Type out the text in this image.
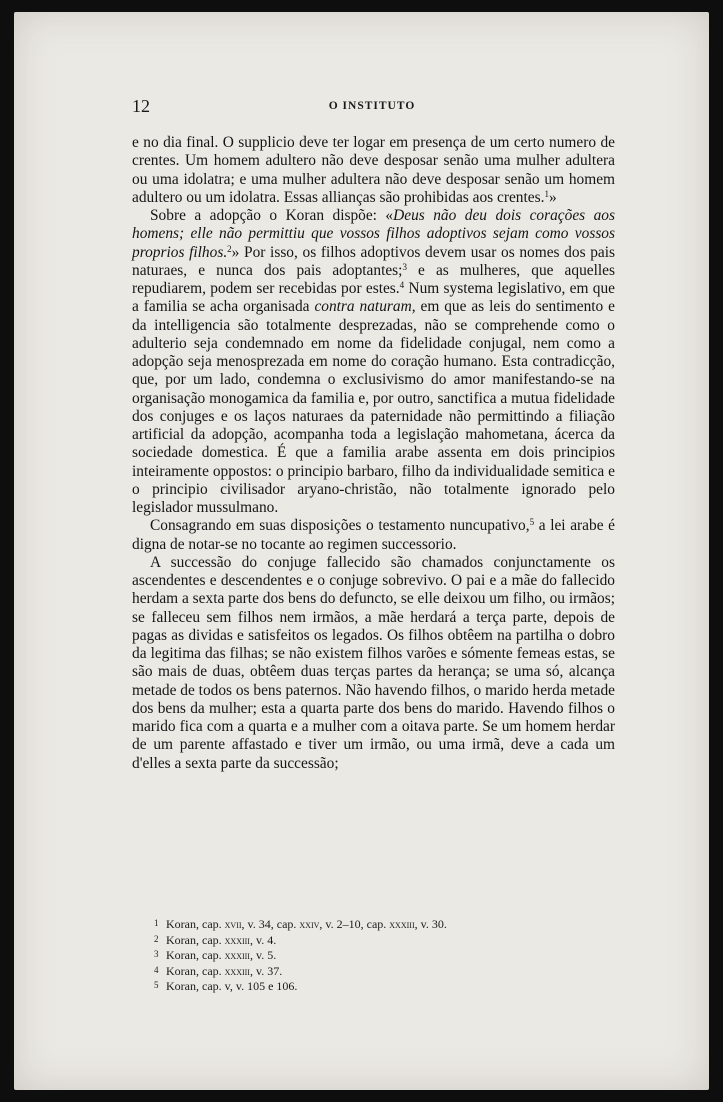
12	O INSTITUTO

e no dia final. O supplicio deve ter logar em presença de um certo numero de crentes. Um homem adultero não deve desposar senão uma mulher adultera ou uma idolatra; e uma mulher adultera não deve desposar senão um homem adultero ou um idolatra. Essas allianças são prohibidas aos crentes.$^1$»

Sobre a adopção o Koran dispõe: «Deus não deu dois corações aos homens; elle não permittiu que vossos filhos adoptivos sejam como vossos proprios filhos.$^2$» Por isso, os filhos adoptivos devem usar os nomes dos pais naturaes, e nunca dos pais adoptantes;$^3$ e as mulheres, que aquelles repudiarem, podem ser recebidas por estes.$^4$ Num systema legislativo, em que a familia se acha organisada contra naturam, em que as leis do sentimento e da intelligencia são totalmente desprezadas, não se comprehende como o adulterio seja condemnado em nome da fidelidade conjugal, nem como a adopção seja menosprezada em nome do coração humano. Esta contradicção, que, por um lado, condemna o exclusivismo do amor manifestando-se na organisação monogamica da familia e, por outro, sanctifica a mutua fidelidade dos conjuges e os laços naturaes da paternidade não permittindo a filiação artificial da adopção, acompanha toda a legislação mahometana, ácerca da sociedade domestica. É que a familia arabe assenta em dois principios inteiramente oppostos: o principio barbaro, filho da individualidade semitica e o principio civilisador aryano-christão, não totalmente ignorado pelo legislador mussulmano.

Consagrando em suas disposições o testamento nuncupativo,$^5$ a lei arabe é digna de notar-se no tocante ao regimen successorio.

A successão do conjuge fallecido são chamados conjunctamente os ascendentes e descendentes e o conjuge sobrevivo. O pai e a mãe do fallecido herdam a sexta parte dos bens do defuncto, se elle deixou um filho, ou irmãos; se falleceu sem filhos nem irmãos, a mãe herdará a terça parte, depois de pagas as dividas e satisfeitos os legados. Os filhos obtêem na partilha o dobro da legitima das filhas; se não existem filhos varões e sómente femeas estas, se são mais de duas, obtêem duas terças partes da herança; se uma só, alcança metade de todos os bens paternos. Não havendo filhos, o marido herda metade dos bens da mulher; esta a quarta parte dos bens do marido. Havendo filhos o marido fica com a quarta e a mulher com a oitava parte. Se um homem herdar de um parente affastado e tiver um irmão, ou uma irmã, deve a cada um d'elles a sexta parte da successão;

1 Koran, cap. xvii, v. 34, cap. xxiv, v. 2–10, cap. xxxiii, v. 30.
2 Koran, cap. xxxiii, v. 4.
3 Koran, cap. xxxiii, v. 5.
4 Koran, cap. xxxiii, v. 37.
5 Koran, cap. v, v. 105 e 106.
